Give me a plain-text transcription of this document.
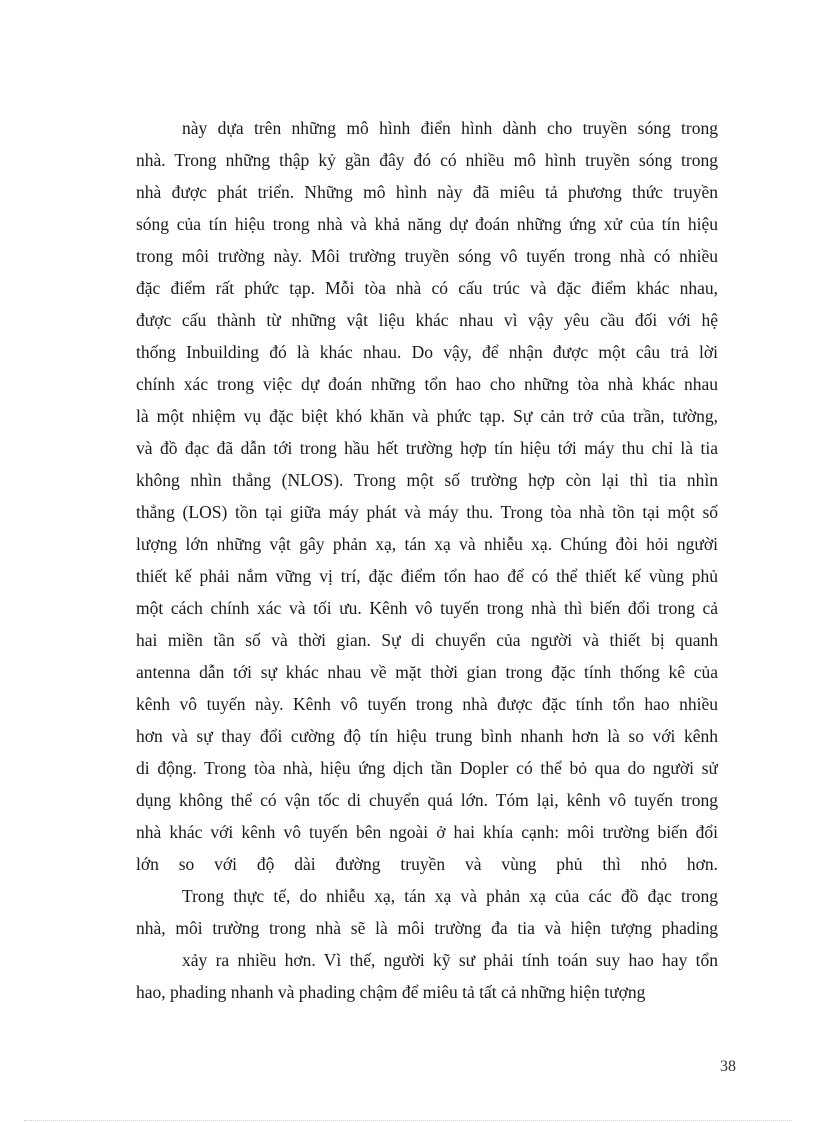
này dựa trên những mô hình điển hình dành cho truyền sóng trong
nhà. Trong những thập kỷ gần đây đó có nhiều mô hình truyền sóng trong
nhà được phát triển. Những mô hình này đã miêu tả phương thức truyền
sóng của tín hiệu trong nhà và khả năng dự đoán những ứng xử của tín hiệu
trong môi trường này. Môi trường truyền sóng vô tuyến trong nhà có nhiều
đặc điểm rất phức tạp. Mỗi tòa nhà có cấu trúc và đặc điểm khác nhau,
được cấu thành từ những vật liệu khác nhau vì vậy yêu cầu đối với hệ
thống Inbuilding đó là khác nhau. Do vậy, để nhận được một câu trả lời
chính xác trong việc dự đoán những tổn hao cho những tòa nhà khác nhau
là một nhiệm vụ đặc biệt khó khăn và phức tạp. Sự cản trở của trần, tường,
và đồ đạc đã dẫn tới trong hầu hết trường hợp tín hiệu tới máy thu chỉ là tia
không nhìn thẳng (NLOS). Trong một số trường hợp còn lại thì tia nhìn
thẳng (LOS) tồn tại giữa máy phát và máy thu. Trong tòa nhà tồn tại một số
lượng lớn những vật gây phản xạ, tán xạ và nhiễu xạ. Chúng đòi hỏi người
thiết kế phải nắm vững vị trí, đặc điểm tổn hao để có thể thiết kế vùng phủ
một cách chính xác và tối ưu. Kênh vô tuyến trong nhà thì biến đổi trong cả
hai miền tần số và thời gian. Sự di chuyển của người và thiết bị quanh
antenna dẫn tới sự khác nhau về mặt thời gian trong đặc tính thống kê của
kênh vô tuyến này. Kênh vô tuyến trong nhà được đặc tính tổn hao nhiều
hơn và sự thay đổi cường độ tín hiệu trung bình nhanh hơn là so với kênh
di động. Trong tòa nhà, hiệu ứng dịch tần Dopler có thể bỏ qua do người sử
dụng không thể có vận tốc di chuyển quá lớn. Tóm lại, kênh vô tuyến trong
nhà khác với kênh vô tuyến bên ngoài ở hai khía cạnh: môi trường biến đổi
lớn so với độ dài đường truyền và vùng phủ thì nhỏ hơn.
Trong thực tế, do nhiễu xạ, tán xạ và phản xạ của các đồ đạc trong
nhà, môi trường trong nhà sẽ là môi trường đa tia và hiện tượng phading
xảy ra nhiều hơn. Vì thế, người kỹ sư phải tính toán suy hao hay tổn
hao, phading nhanh và phading chậm để miêu tả tất cả những hiện tượng
38
